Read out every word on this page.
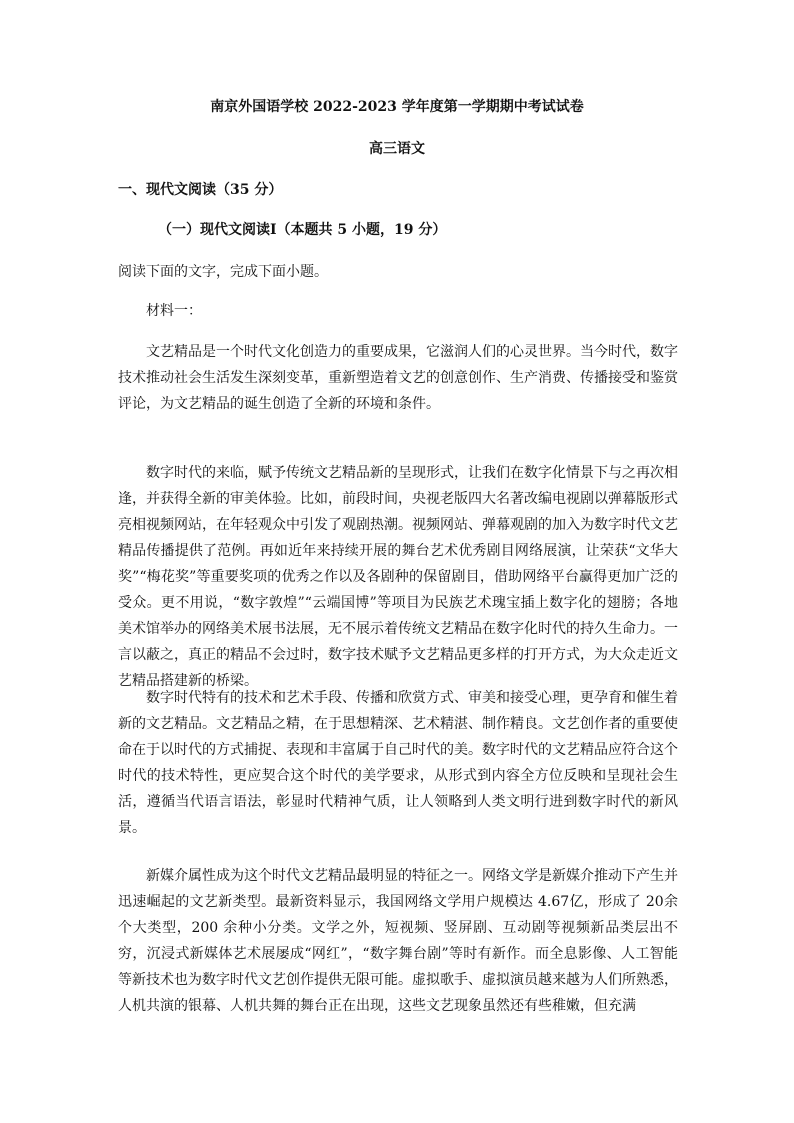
南京外国语学校 2022-2023 学年度第一学期期中考试试卷
高三语文
一、现代文阅读（35 分）
（一）现代文阅读Ⅰ（本题共 5 小题，19 分）
阅读下面的文字，完成下面小题。
材料一：

文艺精品是一个时代文化创造力的重要成果，它滋润人们的心灵世界。当今时代，数字技术推动社会生活发生深刻变革，重新塑造着文艺的创意创作、生产消费、传播接受和鉴赏评论，为文艺精品的诞生创造了全新的环境和条件。

数字时代的来临，赋予传统文艺精品新的呈现形式，让我们在数字化情景下与之再次相逢，并获得全新的审美体验。比如，前段时间，央视老版四大名著改编电视剧以弹幕版形式亮相视频网站，在年轻观众中引发了观剧热潮。视频网站、弹幕观剧的加入为数字时代文艺精品传播提供了范例。再如近年来持续开展的舞台艺术优秀剧目网络展演，让荣获“文华大奖”“梅花奖”等重要奖项的优秀之作以及各剧种的保留剧目，借助网络平台赢得更加广泛的受众。更不用说，“数字敦煌”“云端国博”等项目为民族艺术瑰宝插上数字化的翅膀；各地美术馆举办的网络美术展书法展，无不展示着传统文艺精品在数字化时代的持久生命力。一言以蔽之，真正的精品不会过时，数字技术赋予文艺精品更多样的打开方式，为大众走近文艺精品搭建新的桥梁。

数字时代特有的技术和艺术手段、传播和欣赏方式、审美和接受心理，更孕育和催生着新的文艺精品。文艺精品之精，在于思想精深、艺术精湛、制作精良。文艺创作者的重要使命在于以时代的方式捕捉、表现和丰富属于自己时代的美。数字时代的文艺精品应符合这个时代的技术特性，更应契合这个时代的美学要求，从形式到内容全方位反映和呈现社会生活，遵循当代语言语法，彰显时代精神气质，让人领略到人类文明行进到数字时代的新风景。

新媒介属性成为这个时代文艺精品最明显的特征之一。网络文学是新媒介推动下产生并迅速崛起的文艺新类型。最新资料显示，我国网络文学用户规模达 4.67亿，形成了 20余个大类型，200 余种小分类。文学之外，短视频、竖屏剧、互动剧等视频新品类层出不穷，沉浸式新媒体艺术展屡成“网红”，“数字舞台剧”等时有新作。而全息影像、人工智能等新技术也为数字时代文艺创作提供无限可能。虚拟歌手、虚拟演员越来越为人们所熟悉，人机共演的银幕、人机共舞的舞台正在出现，这些文艺现象虽然还有些稚嫩，但充满
